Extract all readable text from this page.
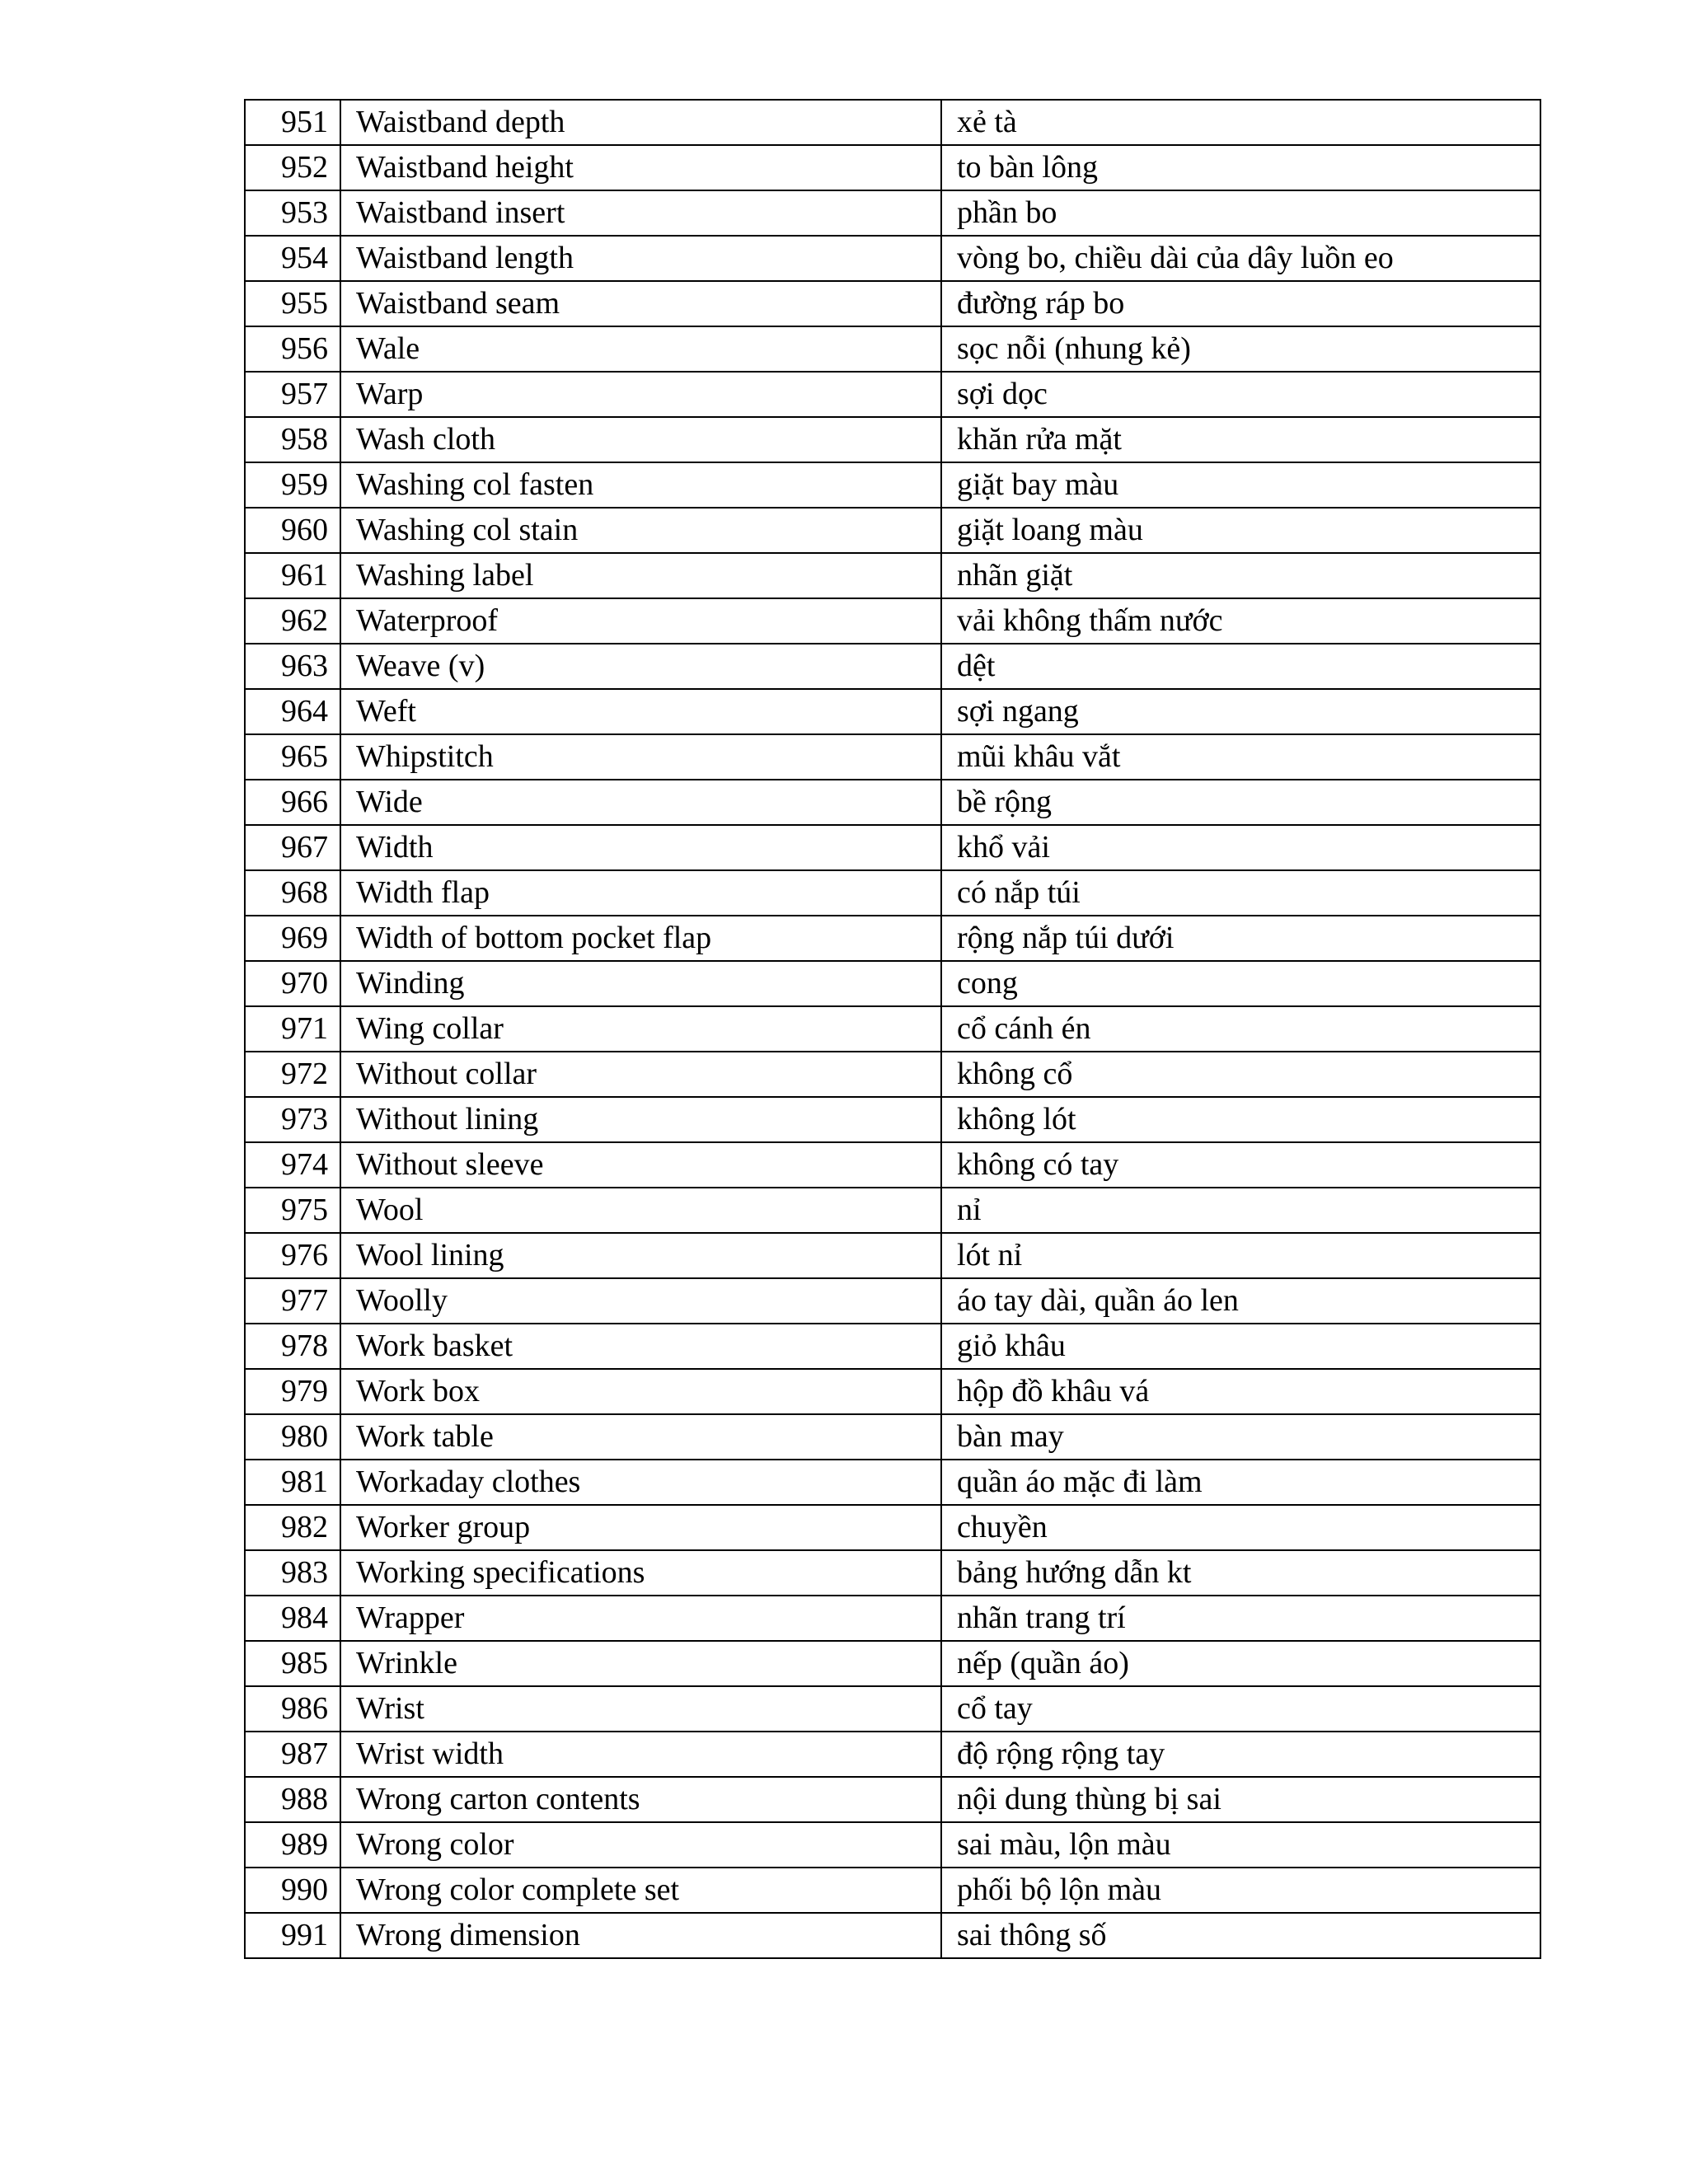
951	Waistband depth	xẻ tà
952	Waistband height	to bàn lông
953	Waistband insert	phần bo
954	Waistband length	vòng bo, chiều dài của dây luồn eo
955	Waistband seam	đường ráp bo
956	Wale	sọc nỗi (nhung kẻ)
957	Warp	sợi dọc
958	Wash cloth	khăn rửa mặt
959	Washing col fasten	giặt bay màu
960	Washing col stain	giặt loang màu
961	Washing label	nhãn giặt
962	Waterproof	vải không thấm nước
963	Weave (v)	dệt
964	Weft	sợi ngang
965	Whipstitch	mũi khâu vắt
966	Wide	bề rộng
967	Width	khổ vải
968	Width flap	có nắp túi
969	Width of bottom pocket flap	rộng nắp túi dưới
970	Winding	cong
971	Wing collar	cổ cánh én
972	Without collar	không cổ
973	Without lining	không lót
974	Without sleeve	không có tay
975	Wool	nỉ
976	Wool lining	lót nỉ
977	Woolly	áo tay dài, quần áo len
978	Work basket	giỏ khâu
979	Work box	hộp đồ khâu vá
980	Work table	bàn may
981	Workaday clothes	quần áo mặc đi làm
982	Worker group	chuyền
983	Working specifications	bảng hướng dẫn kt
984	Wrapper	nhãn trang trí
985	Wrinkle	nếp (quần áo)
986	Wrist	cổ tay
987	Wrist width	độ rộng rộng tay
988	Wrong carton contents	nội dung thùng bị sai
989	Wrong color	sai màu, lộn màu
990	Wrong color complete set	phối bộ lộn màu
991	Wrong dimension	sai thông số
